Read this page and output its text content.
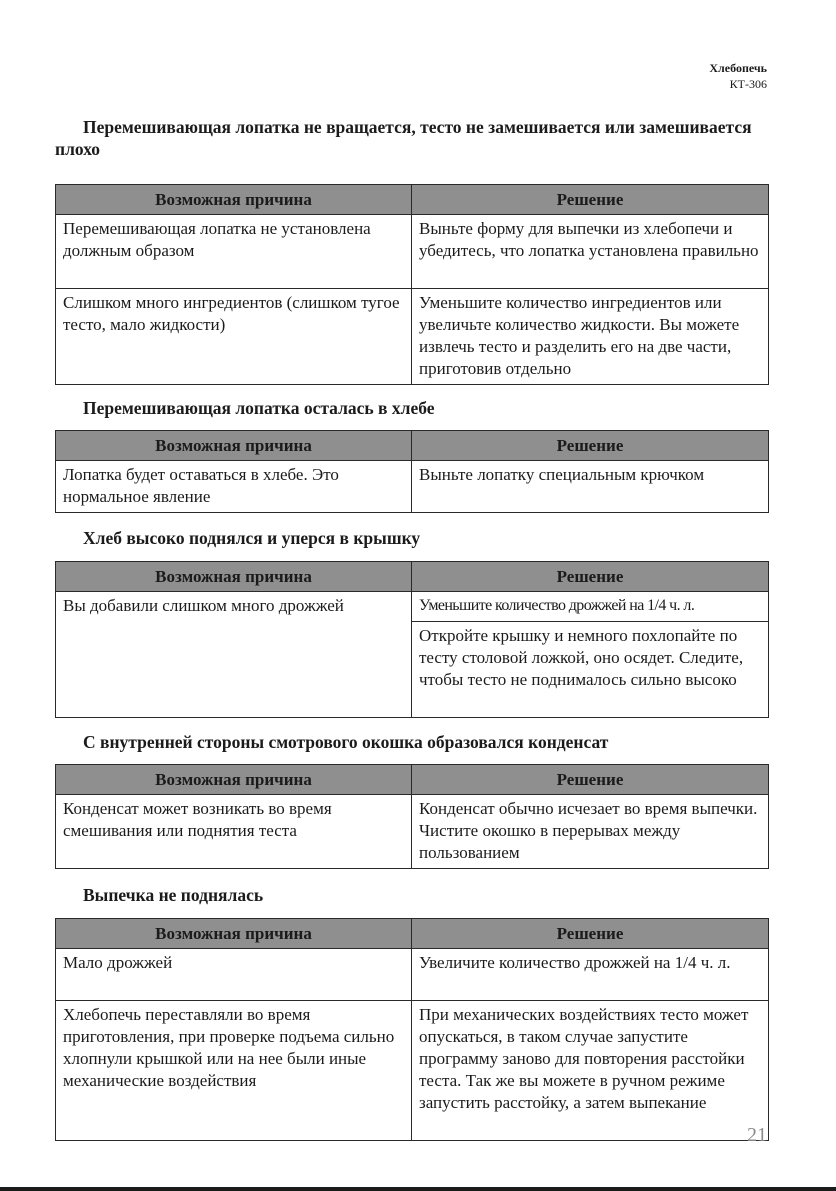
Хлебопечь
КТ-306
Перемешивающая лопатка не вращается, тесто не замешивается или замешивается плохо
Возможная причина	Решение
Перемешивающая лопатка не установлена должным образом	Выньте форму для выпечки из хлебопечи и убедитесь, что лопатка установлена правильно
Слишком много ингредиентов (слишком тугое тесто, мало жидкости)	Уменьшите количество ингредиентов или увеличьте количество жидкости. Вы можете извлечь тесто и разделить его на две части, приготовив отдельно
Перемешивающая лопатка осталась в хлебе
Возможная причина	Решение
Лопатка будет оставаться в хлебе. Это нормальное явление	Выньте лопатку специальным крючком
Хлеб высоко поднялся и уперся в крышку
Возможная причина	Решение
Вы добавили слишком много дрожжей	Уменьшите количество дрожжей на 1/4 ч. л.
	Откройте крышку и немного похлопайте по тесту столовой ложкой, оно осядет. Следите, чтобы тесто не поднималось сильно высоко
С внутренней стороны смотрового окошка образовался конденсат
Возможная причина	Решение
Конденсат может возникать во время смешивания или поднятия теста	Конденсат обычно исчезает во время выпечки. Чистите окошко в перерывах между пользованием
Выпечка не поднялась
Возможная причина	Решение
Мало дрожжей	Увеличите количество дрожжей на 1/4 ч. л.
Хлебопечь переставляли во время приготовления, при проверке подъема сильно хлопнули крышкой или на нее были иные механические воздействия	При механических воздействиях тесто может опускаться, в таком случае запустите программу заново для повторения расстойки теста. Так же вы можете в ручном режиме запустить расстойку, а затем выпекание
21
